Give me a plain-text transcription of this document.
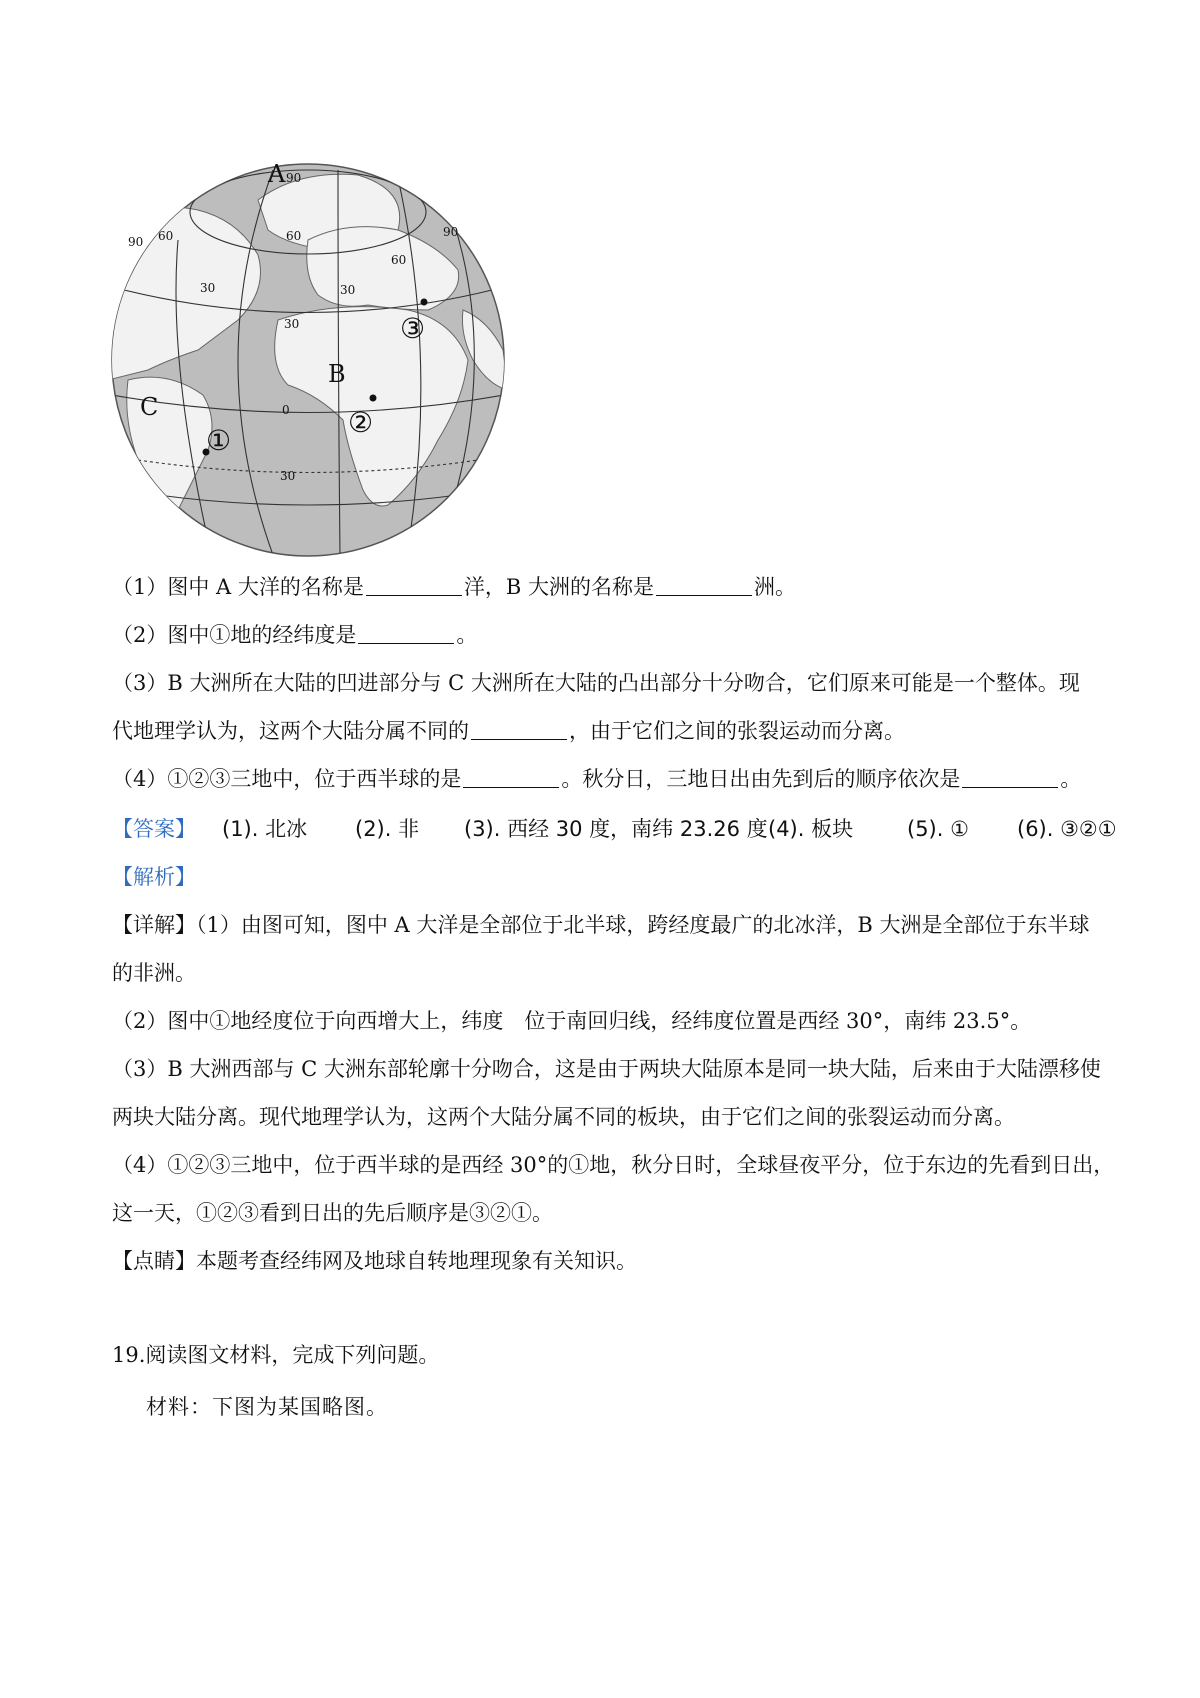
A
B
C
①
②
③
90
60	60
60
30
30
0
30
90
90
30
（1）图中 A 大洋的名称是	洋，B 大洲的名称是	洲。
（2）图中①地的经纬度是	。
（3）B 大洲所在大陆的凹进部分与 C 大洲所在大陆的凸出部分十分吻合，它们原来可能是一个整体。现
代地理学认为，这两个大陆分属不同的	，由于它们之间的张裂运动而分离。
（4）①②③三地中，位于西半球的是	。秋分日，三地日出由先到后的顺序依次是	。
【答案】 (1). 北冰 (2). 非 (3). 西经 30 度，南纬 23.26 度 (4). 板块	(5). ① (6). ③②①
【解析】
【详解】（1）由图可知，图中 A 大洋是全部位于北半球，跨经度最广的北冰洋，B 大洲是全部位于东半球
的非洲。
（2）图中①地经度位于向西增大上，纬度　位于南回归线，经纬度位置是西经 30°，南纬 23.5°。
（3）B 大洲西部与 C 大洲东部轮廓十分吻合，这是由于两块大陆原本是同一块大陆，后来由于大陆漂移使
两块大陆分离。现代地理学认为，这两个大陆分属不同的板块，由于它们之间的张裂运动而分离。
（4）①②③三地中，位于西半球的是西经 30°的①地，秋分日时，全球昼夜平分，位于东边的先看到日出，
这一天，①②③看到日出的先后顺序是③②①。
【点睛】本题考查经纬网及地球自转地理现象有关知识。
19.阅读图文材料，完成下列问题。
材料：下图为某国略图。
